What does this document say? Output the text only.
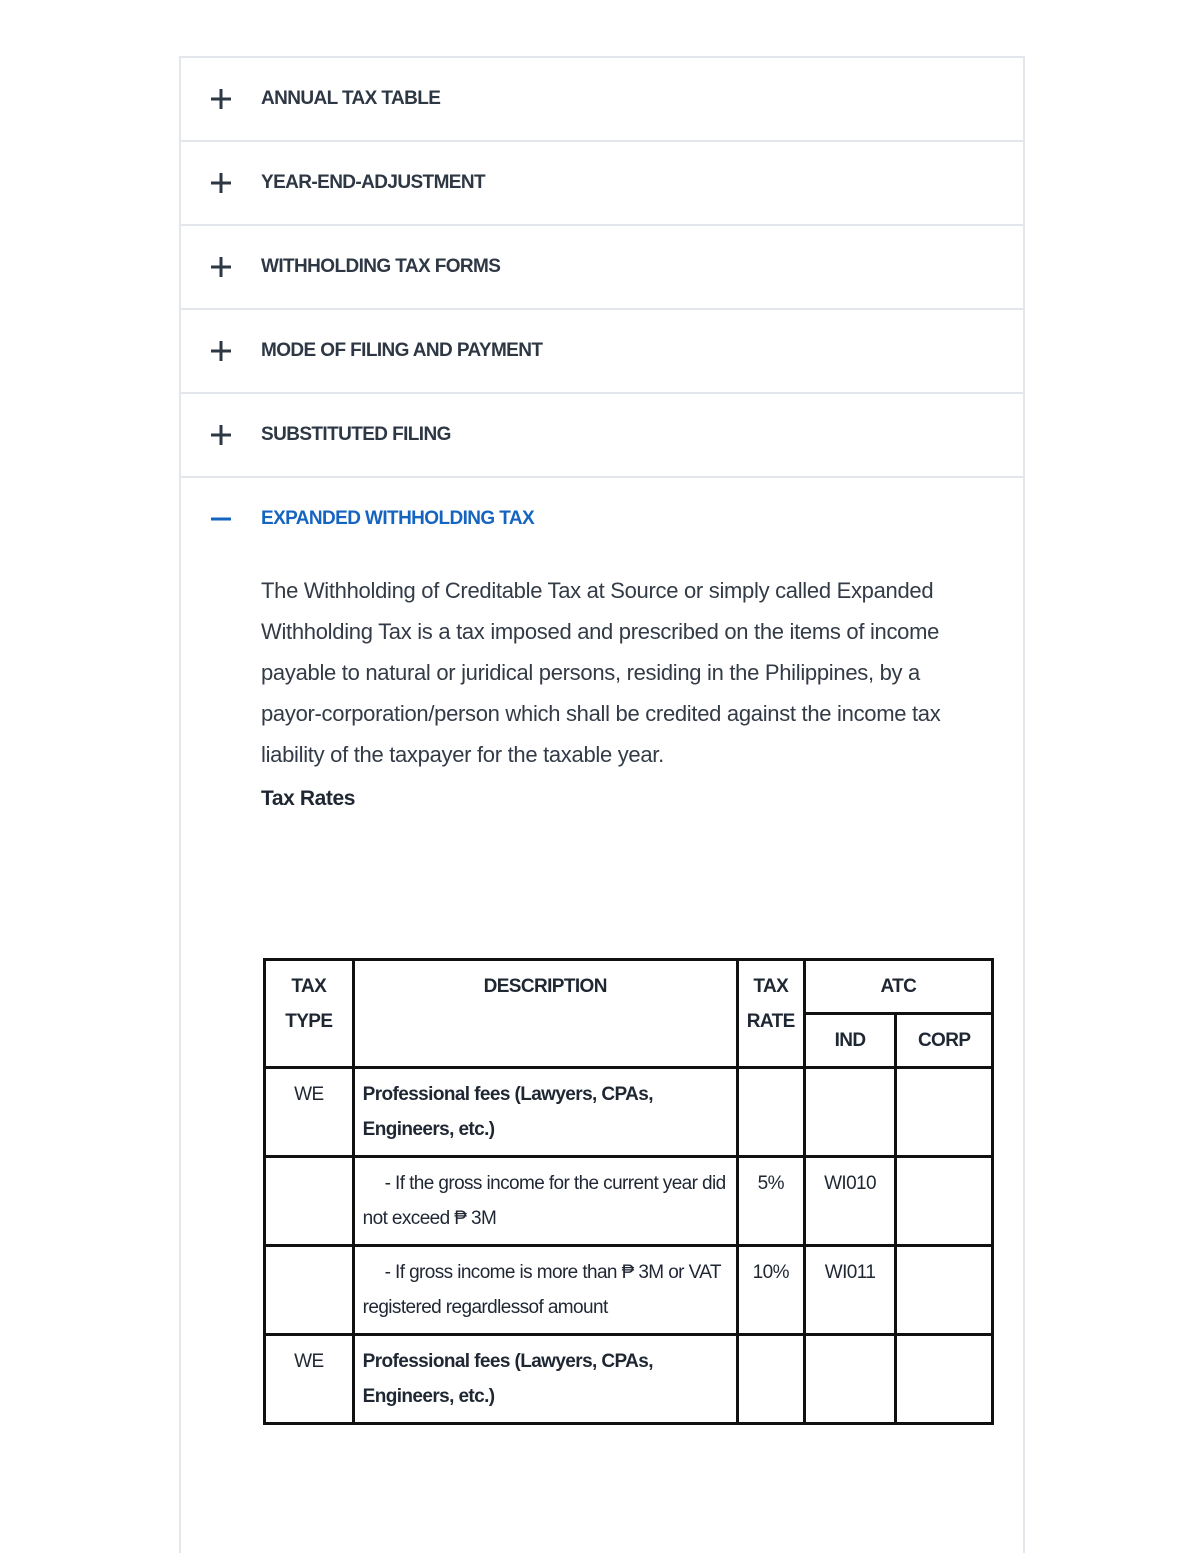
ANNUAL TAX TABLE
YEAR-END-ADJUSTMENT
WITHHOLDING TAX FORMS
MODE OF FILING AND PAYMENT
SUBSTITUTED FILING
EXPANDED WITHHOLDING TAX

The Withholding of Creditable Tax at Source or simply called Expanded Withholding Tax is a tax imposed and prescribed on the items of income payable to natural or juridical persons, residing in the Philippines, by a payor-corporation/person which shall be credited against the income tax liability of the taxpayer for the taxable year.

Tax Rates
TAX TYPE	DESCRIPTION	TAX RATE	ATC	
			IND	CORP
WE	Professional fees (Lawyers, CPAs, Engineers, etc.)			
	- If the gross income for the current year did not exceed ₱ 3M	5%	WI010	
	- If gross income is more than ₱ 3M or VAT registered regardlessof amount	10%	WI011	
WE	Professional fees (Lawyers, CPAs, Engineers, etc.)			
